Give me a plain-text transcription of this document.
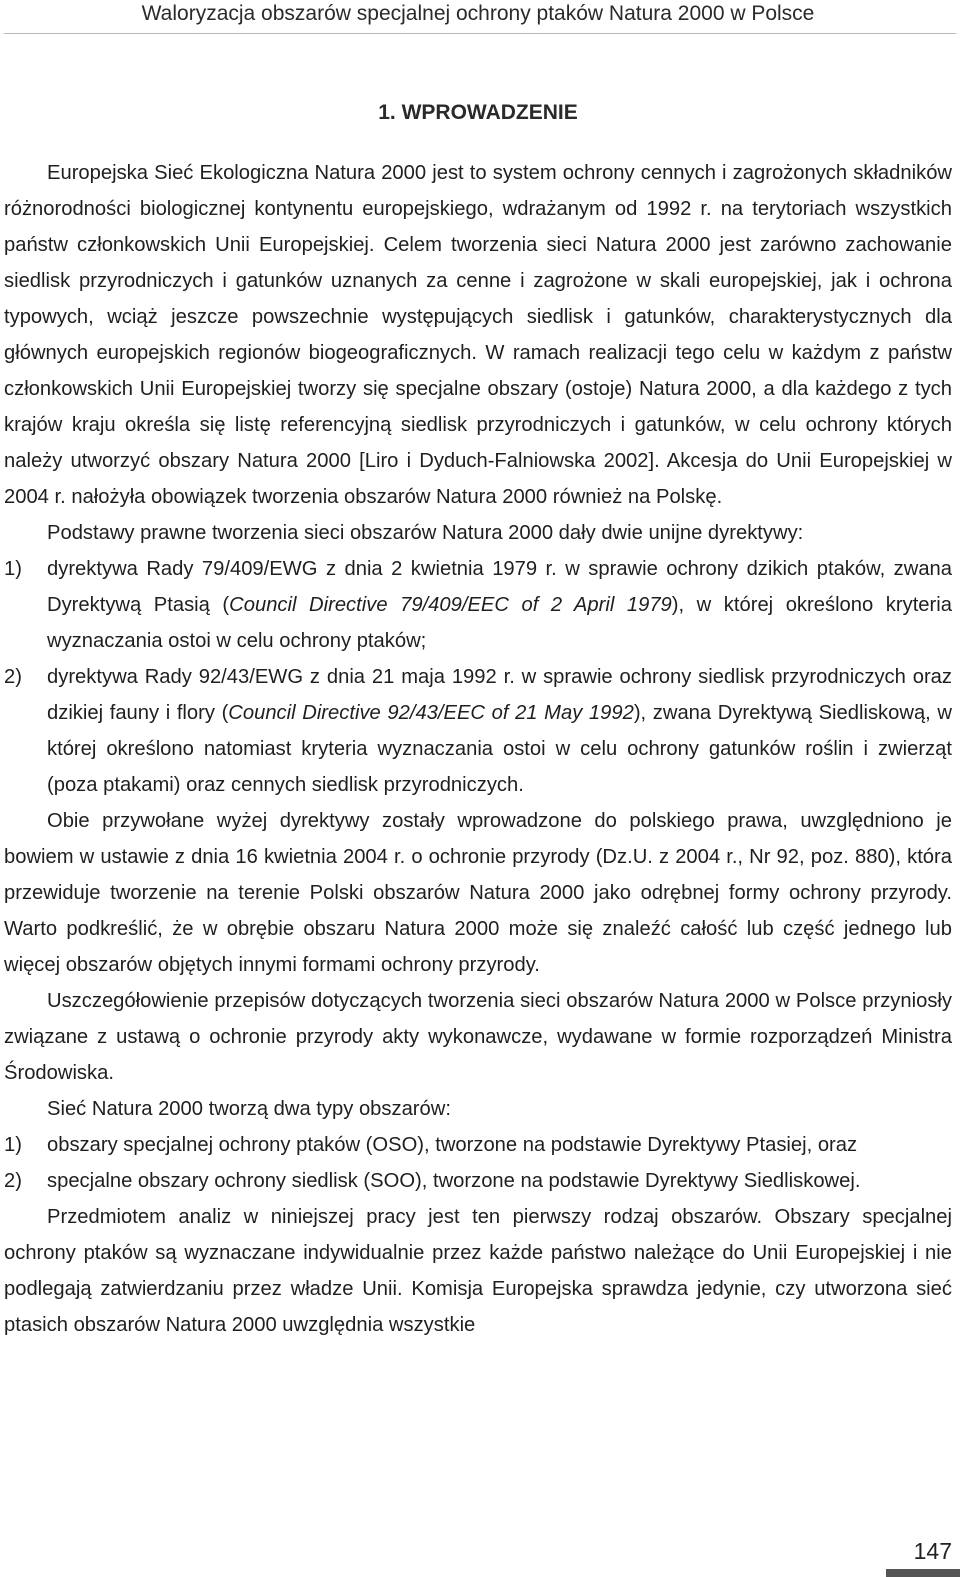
Waloryzacja obszarów specjalnej ochrony ptaków Natura 2000 w Polsce
1. WPROWADZENIE

Europejska Sieć Ekologiczna Natura 2000 jest to system ochrony cennych i zagrożonych składników różnorodności biologicznej kontynentu europejskiego, wdrażanym od 1992 r. na terytoriach wszystkich państw członkowskich Unii Europejskiej. Celem tworzenia sieci Natura 2000 jest zarówno zachowanie siedlisk przyrodniczych i gatunków uznanych za cenne i zagrożone w skali europejskiej, jak i ochrona typowych, wciąż jeszcze powszechnie występujących siedlisk i gatunków, charakterystycznych dla głównych europejskich regionów biogeograficznych. W ramach realizacji tego celu w każdym z państw członkowskich Unii Europejskiej tworzy się specjalne obszary (ostoje) Natura 2000, a dla każdego z tych krajów kraju określa się listę referencyjną siedlisk przyrodniczych i gatunków, w celu ochrony których należy utworzyć obszary Natura 2000 [Liro i Dyduch-Falniowska 2002]. Akcesja do Unii Europejskiej w 2004 r. nałożyła obowiązek tworzenia obszarów Natura 2000 również na Polskę.

Podstawy prawne tworzenia sieci obszarów Natura 2000 dały dwie unijne dyrektywy:

1) dyrektywa Rady 79/409/EWG z dnia 2 kwietnia 1979 r. w sprawie ochrony dzikich ptaków, zwana Dyrektywą Ptasią (Council Directive 79/409/EEC of 2 April 1979), w której określono kryteria wyznaczania ostoi w celu ochrony ptaków;
2) dyrektywa Rady 92/43/EWG z dnia 21 maja 1992 r. w sprawie ochrony siedlisk przyrodniczych oraz dzikiej fauny i flory (Council Directive 92/43/EEC of 21 May 1992), zwana Dyrektywą Siedliskową, w której określono natomiast kryteria wyznaczania ostoi w celu ochrony gatunków roślin i zwierząt (poza ptakami) oraz cennych siedlisk przyrodniczych.

Obie przywołane wyżej dyrektywy zostały wprowadzone do polskiego prawa, uwzględniono je bowiem w ustawie z dnia 16 kwietnia 2004 r. o ochronie przyrody (Dz.U. z 2004 r., Nr 92, poz. 880), która przewiduje tworzenie na terenie Polski obszarów Natura 2000 jako odrębnej formy ochrony przyrody. Warto podkreślić, że w obrębie obszaru Natura 2000 może się znaleźć całość lub część jednego lub więcej obszarów objętych innymi formami ochrony przyrody.

Uszczegółowienie przepisów dotyczących tworzenia sieci obszarów Natura 2000 w Polsce przyniosły związane z ustawą o ochronie przyrody akty wykonawcze, wydawane w formie rozporządzeń Ministra Środowiska.

Sieć Natura 2000 tworzą dwa typy obszarów:

1) obszary specjalnej ochrony ptaków (OSO), tworzone na podstawie Dyrektywy Ptasiej, oraz
2) specjalne obszary ochrony siedlisk (SOO), tworzone na podstawie Dyrektywy Siedliskowej.

Przedmiotem analiz w niniejszej pracy jest ten pierwszy rodzaj obszarów. Obszary specjalnej ochrony ptaków są wyznaczane indywidualnie przez każde państwo należące do Unii Europejskiej i nie podlegają zatwierdzaniu przez władze Unii. Komisja Europejska sprawdza jedynie, czy utworzona sieć ptasich obszarów Natura 2000 uwzględnia wszystkie

147
